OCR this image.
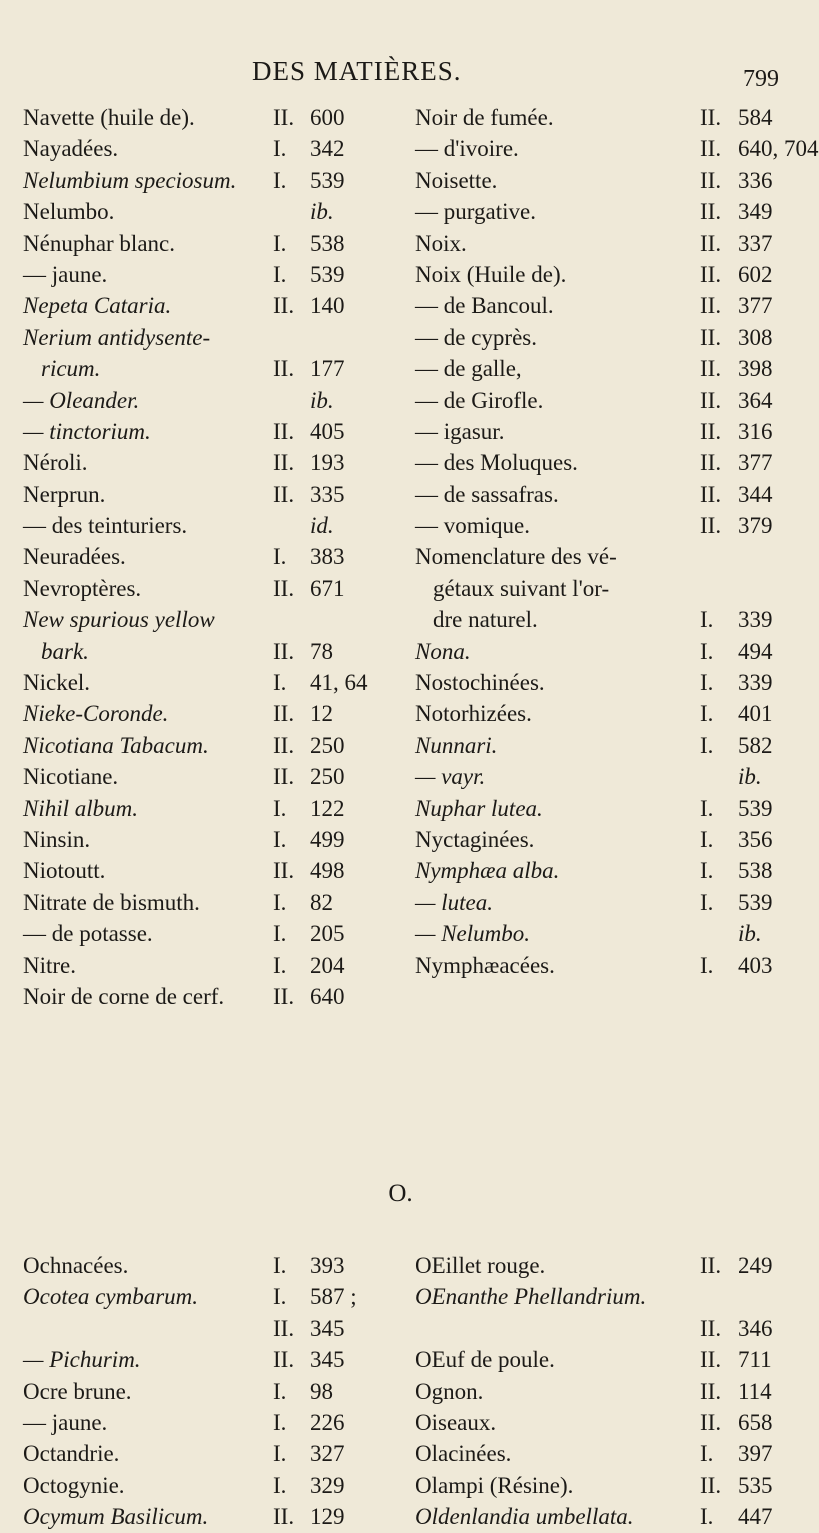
DES MATIÈRES.	799
Navette (huile de).	II. 600
Nayadées.	I. 342
Nelumbium speciosum. I. 539
Nelumbo.	ib.
Nénuphar blanc.	I. 538
— jaune.	I. 539
Nepeta Cataria.	II. 140
Nerium antidysente-
ricum.	II. 177
— Oleander.	ib.
— tinctorium.	II. 405
Néroli.	II. 193
Nerprun.	II. 335
— des teinturiers.	id.
Neuradées.	I. 383
Nevroptères.	II. 671
New spurious yellow
bark.	II. 78
Nickel.	I. 41, 64
Nieke-Coronde.	II. 12
Nicotiana Tabacum.	II. 250
Nicotiane.	II. 250
Nihil album.	I. 122
Ninsin.	I. 499
Niotoutt.	II. 498
Nitrate de bismuth.	I. 82
— de potasse.	I. 205
Nitre.	I. 204
Noir de corne de cerf. II. 640
Noir de fumée.	II. 584
— d'ivoire.	II. 640, 704
Noisette.	II. 336
— purgative.	II. 349
Noix.	II. 337
Noix (Huile de).	II. 602
— de Bancoul.	II. 377
— de cyprès.	II. 308
— de galle,	II. 398
— de Girofle.	II. 364
— igasur.	II. 316
— des Moluques.	II. 377
— de sassafras.	II. 344
— vomique.	II. 379
Nomenclature des vé-
gétaux suivant l'or-
dre naturel.	I. 339
Nona.	I. 494
Nostochinées.	I. 339
Notorhizées.	I. 401
Nunnari.	I. 582
— vayr.	ib.
Nuphar lutea.	I. 539
Nyctaginées.	I. 356
Nymphæa alba.	I. 538
— lutea.	I. 539
— Nelumbo.	ib.
Nymphæacées.	I. 403
O.
Ochnacées.	I. 393
Ocotea cymbarum.	I. 587 ;
II. 345
— Pichurim.	II. 345
Ocre brune.	I. 98
— jaune.	I. 226
Octandrie.	I. 327
Octogynie.	I. 329
Ocymum Basilicum.	II. 129
OEillet rouge.	II. 249
OEnanthe Phellandrium.
II. 346
OEuf de poule.	II. 711
Ognon.	II. 114
Oiseaux.	II. 658
Olacinées.	I. 397
Olampi (Résine).	II. 535
Oldenlandia umbellata.	I. 447
